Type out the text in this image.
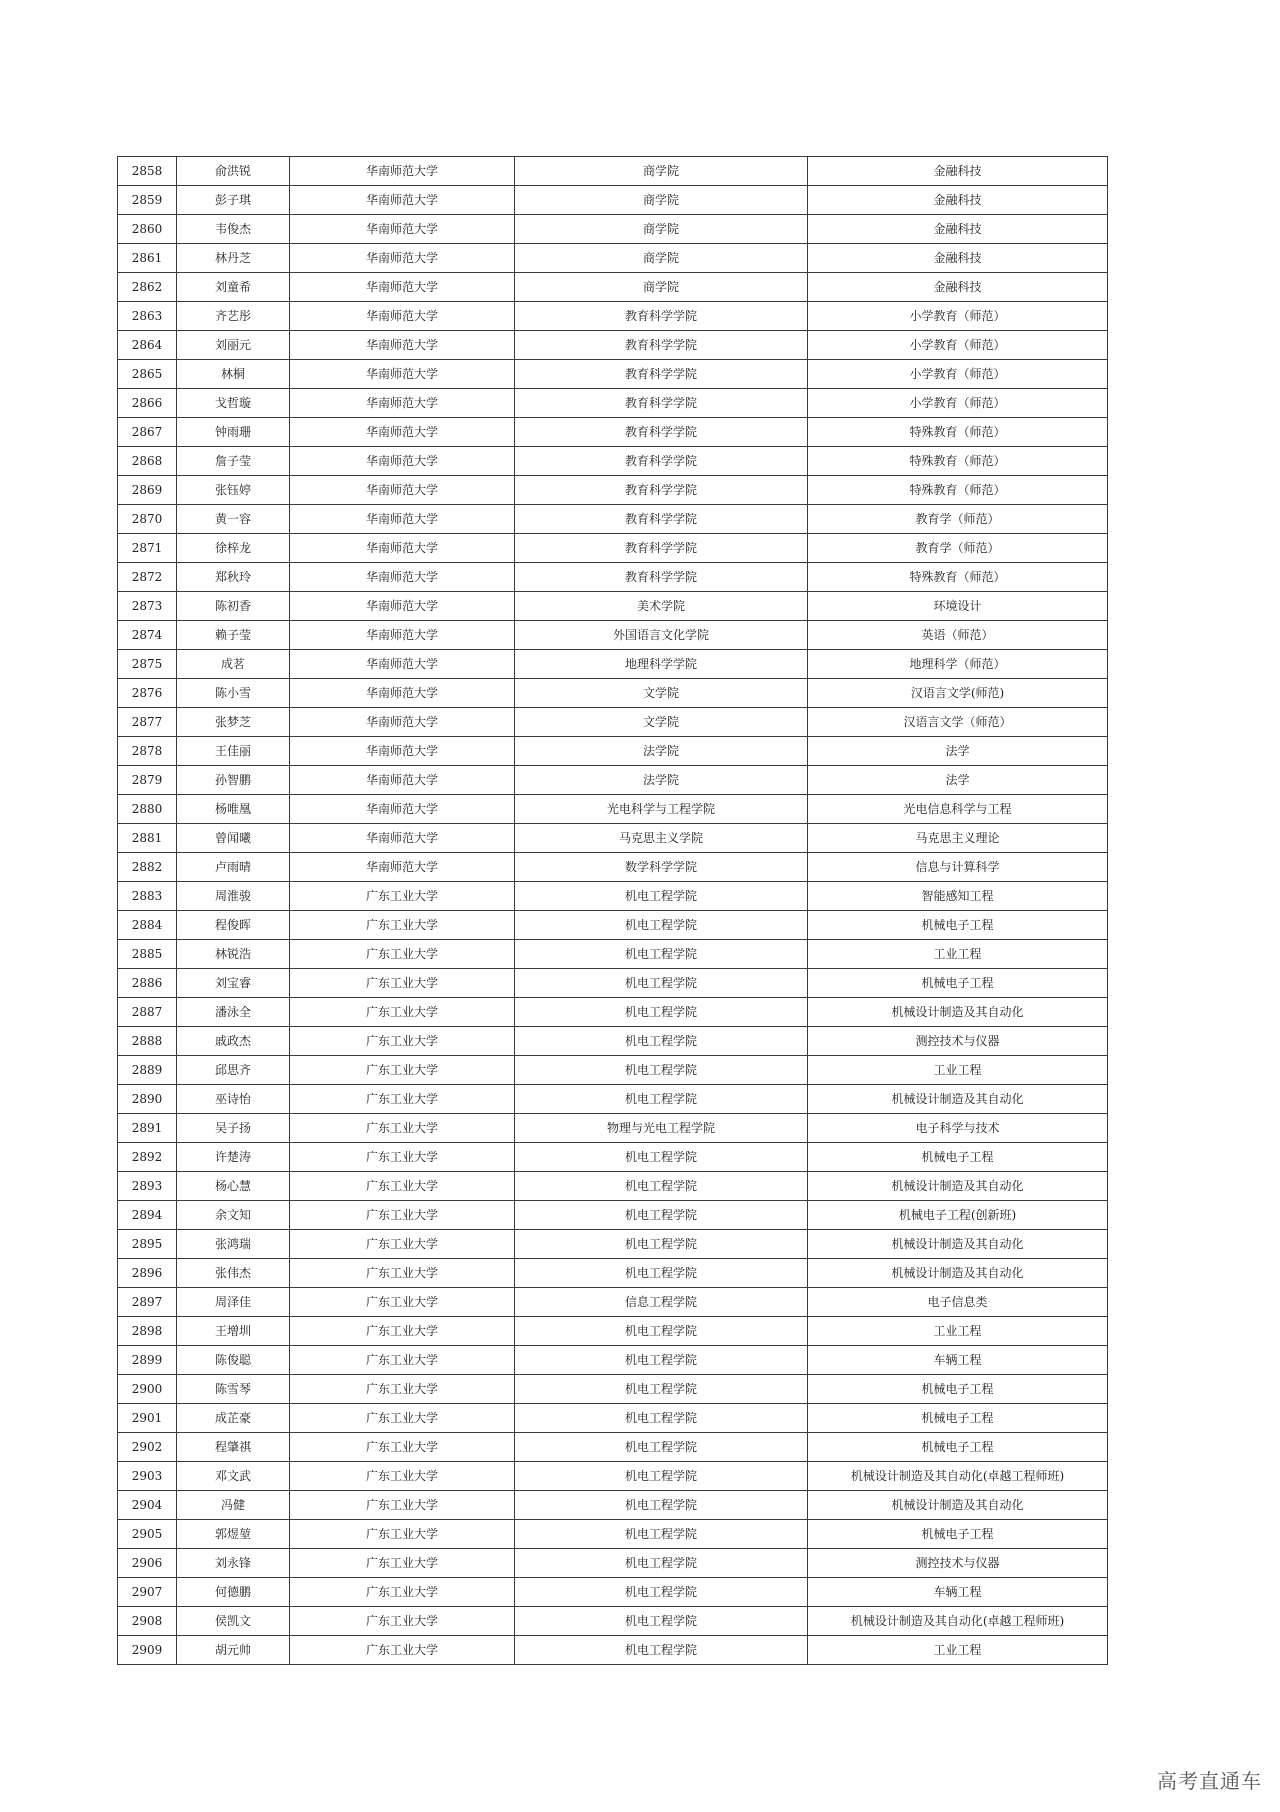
2858	俞洪锐	华南师范大学	商学院	金融科技
2859	彭子琪	华南师范大学	商学院	金融科技
2860	韦俊杰	华南师范大学	商学院	金融科技
2861	林丹芝	华南师范大学	商学院	金融科技
2862	刘童希	华南师范大学	商学院	金融科技
2863	齐艺彤	华南师范大学	教育科学学院	小学教育（师范）
2864	刘丽元	华南师范大学	教育科学学院	小学教育（师范）
2865	林桐	华南师范大学	教育科学学院	小学教育（师范）
2866	戈哲璇	华南师范大学	教育科学学院	小学教育（师范）
2867	钟雨珊	华南师范大学	教育科学学院	特殊教育（师范）
2868	詹子莹	华南师范大学	教育科学学院	特殊教育（师范）
2869	张钰婷	华南师范大学	教育科学学院	特殊教育（师范）
2870	黄一容	华南师范大学	教育科学学院	教育学（师范）
2871	徐梓龙	华南师范大学	教育科学学院	教育学（师范）
2872	郑秋玲	华南师范大学	教育科学学院	特殊教育（师范）
2873	陈初香	华南师范大学	美术学院	环境设计
2874	赖子莹	华南师范大学	外国语言文化学院	英语（师范）
2875	成茗	华南师范大学	地理科学学院	地理科学（师范）
2876	陈小雪	华南师范大学	文学院	汉语言文学(师范)
2877	张梦芝	华南师范大学	文学院	汉语言文学（师范）
2878	王佳丽	华南师范大学	法学院	法学
2879	孙智鹏	华南师范大学	法学院	法学
2880	杨唯凰	华南师范大学	光电科学与工程学院	光电信息科学与工程
2881	曾闻曦	华南师范大学	马克思主义学院	马克思主义理论
2882	卢雨晴	华南师范大学	数学科学学院	信息与计算科学
2883	周淮骏	广东工业大学	机电工程学院	智能感知工程
2884	程俊晖	广东工业大学	机电工程学院	机械电子工程
2885	林锐浩	广东工业大学	机电工程学院	工业工程
2886	刘宝睿	广东工业大学	机电工程学院	机械电子工程
2887	潘泳全	广东工业大学	机电工程学院	机械设计制造及其自动化
2888	戚政杰	广东工业大学	机电工程学院	测控技术与仪器
2889	邱思齐	广东工业大学	机电工程学院	工业工程
2890	巫诗怡	广东工业大学	机电工程学院	机械设计制造及其自动化
2891	吴子扬	广东工业大学	物理与光电工程学院	电子科学与技术
2892	许楚涛	广东工业大学	机电工程学院	机械电子工程
2893	杨心慧	广东工业大学	机电工程学院	机械设计制造及其自动化
2894	余文知	广东工业大学	机电工程学院	机械电子工程(创新班)
2895	张鸿瑞	广东工业大学	机电工程学院	机械设计制造及其自动化
2896	张伟杰	广东工业大学	机电工程学院	机械设计制造及其自动化
2897	周泽佳	广东工业大学	信息工程学院	电子信息类
2898	王增圳	广东工业大学	机电工程学院	工业工程
2899	陈俊聪	广东工业大学	机电工程学院	车辆工程
2900	陈雪琴	广东工业大学	机电工程学院	机械电子工程
2901	成芷豪	广东工业大学	机电工程学院	机械电子工程
2902	程肇祺	广东工业大学	机电工程学院	机械电子工程
2903	邓文武	广东工业大学	机电工程学院	机械设计制造及其自动化(卓越工程师班)
2904	冯健	广东工业大学	机电工程学院	机械设计制造及其自动化
2905	郭煜堃	广东工业大学	机电工程学院	机械电子工程
2906	刘永锋	广东工业大学	机电工程学院	测控技术与仪器
2907	何德鹏	广东工业大学	机电工程学院	车辆工程
2908	侯凯文	广东工业大学	机电工程学院	机械设计制造及其自动化(卓越工程师班)
2909	胡元帅	广东工业大学	机电工程学院	工业工程
高考直通车
